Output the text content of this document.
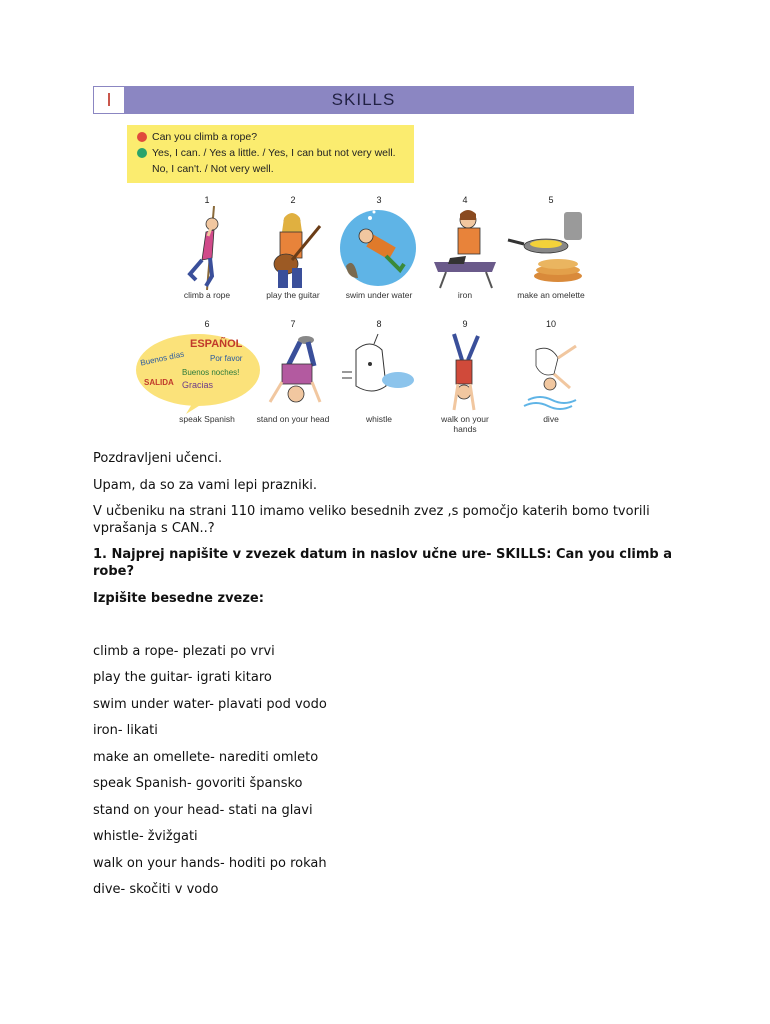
I	SKILLS
Can you climb a rope?
Yes, I can. / Yes a little. / Yes, I can but not very well.
No, I can't. / Not very well.
1
climb a rope
2
play the guitar
3
swim under water
4
iron
5
make an omelette
6
ESPAÑOL
Buenos días	Por favor
Buenos noches!
SALIDA Gracias
speak Spanish
7
stand on your head
8
whistle
9
walk on your hands
10
dive
Pozdravljeni učenci.
Upam, da so za vami lepi prazniki.
V učbeniku na strani 110 imamo veliko besednih zvez ,s pomočjo katerih bomo tvorili vprašanja s CAN..?
1. Najprej napišite v zvezek datum in naslov učne ure- SKILLS: Can you climb a robe?
Izpišite besedne zveze:
climb a rope- plezati po vrvi
play the guitar- igrati kitaro
swim under water- plavati pod vodo
iron- likati
make an omellete- narediti omleto
speak Spanish- govoriti špansko
stand on your head- stati na glavi
whistle- žvižgati
walk on your hands- hoditi po rokah
dive- skočiti v vodo
